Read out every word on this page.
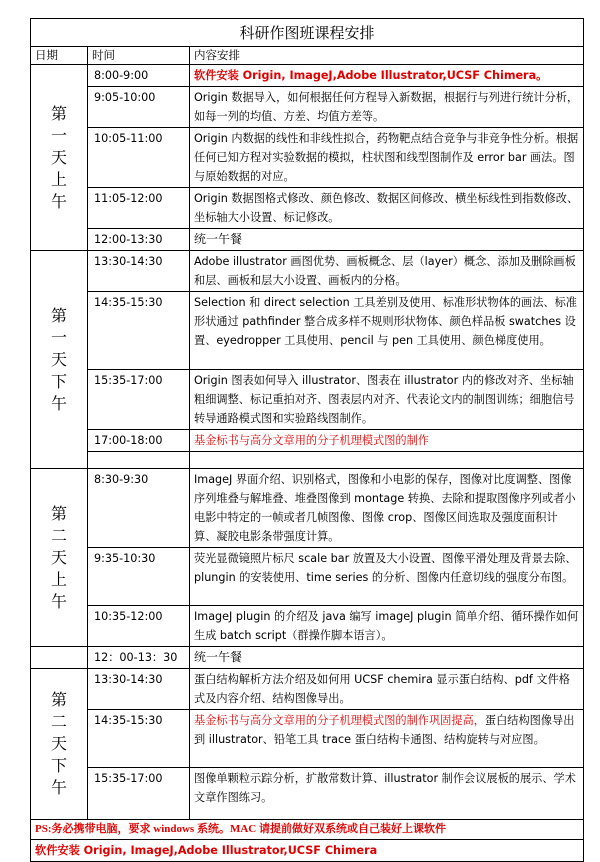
科研作图班课程安排		
日期	时间	内容安排

第一天上午	8:00-9:00	软件安装 Origin, ImageJ,Adobe Illustrator,UCSF Chimera。
	9:05-10:00	Origin 数据导入，如何根据任何方程导入新数据，根据行与列进行统计分析，如每一列的均值、方差、均值方差等。
	10:05-11:00	Origin 内数据的线性和非线性拟合，药物靶点结合竞争与非竞争性分析。根据任何已知方程对实验数据的模拟，柱状图和线型图制作及 error bar 画法。图与原始数据的对应。
	11:05-12:00	Origin 数据图格式修改、颜色修改、数据区间修改、横坐标线性到指数修改、坐标轴大小设置、标记修改。
	12:00-13:30	统一午餐

第一天下午	13:30-14:30	Adobe illustrator 画图优势、画板概念、层（layer）概念、添加及删除画板和层、画板和层大小设置、画板内的分格。
	14:35-15:30	Selection 和 direct selection 工具差别及使用、标准形状物体的画法、标准形状通过 pathfinder 整合成多样不规则形状物体、颜色样品板 swatches 设置、eyedropper 工具使用、pencil 与 pen 工具使用、颜色梯度使用。
	15:35-17:00	Origin 图表如何导入 illustrator、图表在 illustrator 内的修改对齐、坐标轴粗细调整、标记重拍对齐、图表层内对齐、代表论文内的制图训练；细胞信号转导通路模式图和实验路线图制作。
	17:00-18:00	基金标书与高分文章用的分子机理模式图的制作

第二天上午	8:30-9:30	ImageJ 界面介绍、识别格式，图像和小电影的保存，图像对比度调整、图像序列堆叠与解堆叠、堆叠图像到 montage 转换、去除和提取图像序列或者小电影中特定的一帧或者几帧图像、图像 crop、图像区间选取及强度面积计算、凝胶电影条带强度计算。
	9:35-10:30	荧光显微镜照片标尺 scale bar 放置及大小设置、图像平滑处理及背景去除、plungin 的安装使用、time series 的分析、图像内任意切线的强度分布图。
	10:35-12:00	ImageJ plugin 的介绍及 java 编写 imageJ plugin 简单介绍、循环操作如何生成 batch script（群操作脚本语言）。
	12：00-13：30	统一午餐

第二天下午	13:30-14:30	蛋白结构解析方法介绍及如何用 UCSF chemira 显示蛋白结构、pdf 文件格式及内容介绍、结构图像导出。
	14:35-15:30	基金标书与高分文章用的分子机理模式图的制作巩固提高，蛋白结构图像导出到 illustrator、铅笔工具 trace 蛋白结构卡通图、结构旋转与对应图。
	15:35-17:00	图像单颗粒示踪分析，扩散常数计算、illustrator 制作会议展板的展示、学术文章作图练习。
PS:务必携带电脑，要求 windows 系统。MAC 请提前做好双系统或自己装好上课软件		
软件安装 Origin, ImageJ,Adobe Illustrator,UCSF Chimera		
